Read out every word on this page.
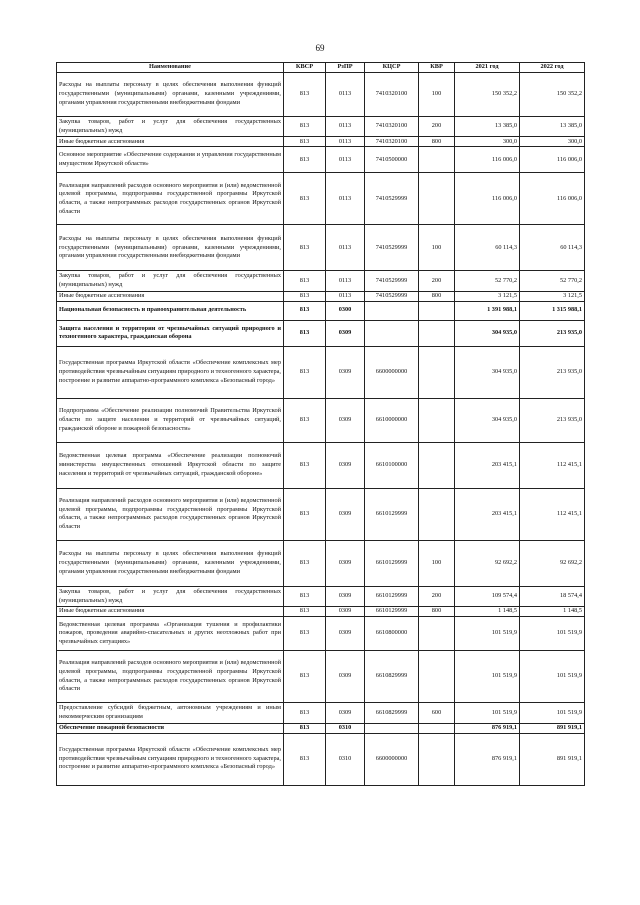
69
Наименование	КВСР	РзПР	КЦСР	КВР	2021 год	2022 год
Расходы на выплаты персоналу в целях обеспечения выполнения функций государственными (муниципальными) органами, казенными учреждениями, органами управления государственными внебюджетными фондами	813	0113	7410320100	100	150 352,2	150 352,2
Закупка товаров, работ и услуг для обеспечения государственных (муниципальных) нужд	813	0113	7410320100	200	13 385,0	13 385,0
Иные бюджетные ассигнования	813	0113	7410320100	800	300,0	300,0
Основное мероприятие «Обеспечение содержания и управления государственным имуществом Иркутской области»	813	0113	7410500000		116 006,0	116 006,0
Реализация направлений расходов основного мероприятия и (или) ведомственной целевой программы, подпрограммы государственной программы Иркутской области, а также непрограммных расходов государственных органов Иркутской области	813	0113	7410529999		116 006,0	116 006,0
Расходы на выплаты персоналу в целях обеспечения выполнения функций государственными (муниципальными) органами, казенными учреждениями, органами управления государственными внебюджетными фондами	813	0113	7410529999	100	60 114,3	60 114,3
Закупка товаров, работ и услуг для обеспечения государственных (муниципальных) нужд	813	0113	7410529999	200	52 770,2	52 770,2
Иные бюджетные ассигнования	813	0113	7410529999	800	3 121,5	3 121,5
Национальная безопасность и правоохранительная деятельность	813	0300			1 391 988,1	1 315 988,1
Защита населения и территории от чрезвычайных ситуаций природного и техногенного характера, гражданская оборона	813	0309			304 935,0	213 935,0
Государственная программа Иркутской области «Обеспечение комплексных мер противодействия чрезвычайным ситуациям природного и техногенного характера, построение и развитие аппаратно-программного комплекса «Безопасный город»	813	0309	6600000000		304 935,0	213 935,0
Подпрограмма «Обеспечение реализации полномочий Правительства Иркутской области по защите населения и территорий от чрезвычайных ситуаций, гражданской обороне и пожарной безопасности»	813	0309	6610000000		304 935,0	213 935,0
Ведомственная целевая программа «Обеспечение реализации полномочий министерства имущественных отношений Иркутской области по защите населения и территорий от чрезвычайных ситуаций, гражданской обороне»	813	0309	6610100000		203 415,1	112 415,1
Реализация направлений расходов основного мероприятия и (или) ведомственной целевой программы, подпрограммы государственной программы Иркутской области, а также непрограммных расходов государственных органов Иркутской области	813	0309	6610129999		203 415,1	112 415,1
Расходы на выплаты персоналу в целях обеспечения выполнения функций государственными (муниципальными) органами, казенными учреждениями, органами управления государственными внебюджетными фондами	813	0309	6610129999	100	92 692,2	92 692,2
Закупка товаров, работ и услуг для обеспечения государственных (муниципальных) нужд	813	0309	6610129999	200	109 574,4	18 574,4
Иные бюджетные ассигнования	813	0309	6610129999	800	1 148,5	1 148,5
Ведомственная целевая программа «Организация тушения и профилактики пожаров, проведения аварийно-спасательных и других неотложных работ при чрезвычайных ситуациях»	813	0309	6610800000		101 519,9	101 519,9
Реализация направлений расходов основного мероприятия и (или) ведомственной целевой программы, подпрограммы государственной программы Иркутской области, а также непрограммных расходов государственных органов Иркутской области	813	0309	6610829999		101 519,9	101 519,9
Предоставление субсидий бюджетным, автономным учреждениям и иным некоммерческим организациям	813	0309	6610829999	600	101 519,9	101 519,9
Обеспечение пожарной безопасности	813	0310			876 919,1	891 919,1
Государственная программа Иркутской области «Обеспечение комплексных мер противодействия чрезвычайным ситуациям природного и техногенного характера, построение и развитие аппаратно-программного комплекса «Безопасный город»	813	0310	6600000000		876 919,1	891 919,1
